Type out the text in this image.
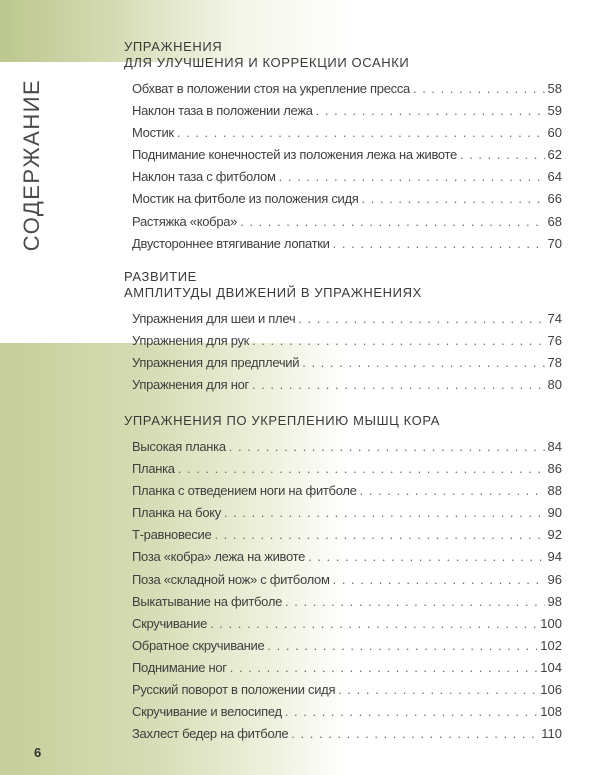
СОДЕРЖАНИЕ
6
УПРАЖНЕНИЯ
ДЛЯ УЛУЧШЕНИЯ И КОРРЕКЦИИ ОСАНКИ
Обхват в положении стоя на укрепление пресса . . .	58
Наклон таза в положении лежа . . .	59
Мостик . . .	60
Поднимание конечностей из положения лежа на животе . . .	62
Наклон таза с фитболом . . .	64
Мостик на фитболе из положения сидя . . .	66
Растяжка «кобра» . . .	68
Двустороннее втягивание лопатки . . .	70
РАЗВИТИЕ
АМПЛИТУДЫ ДВИЖЕНИЙ В УПРАЖНЕНИЯХ
Упражнения для шеи и плеч . . .	74
Упражнения для рук . . .	76
Упражнения для предплечий . . .	78
Упражнения для ног . . .	80
УПРАЖНЕНИЯ ПО УКРЕПЛЕНИЮ МЫШЦ КОРА
Высокая планка . . .	84
Планка . . .	86
Планка с отведением ноги на фитболе . . .	88
Планка на боку . . .	90
Т-равновесие . . .	92
Поза «кобра» лежа на животе . . .	94
Поза «складной нож» с фитболом . . .	96
Выкатывание на фитболе . . .	98
Скручивание . . .	100
Обратное скручивание . . .	102
Поднимание ног . . .	104
Русский поворот в положении сидя . . .	106
Скручивание и велосипед . . .	108
Захлест бедер на фитболе . . .	110
